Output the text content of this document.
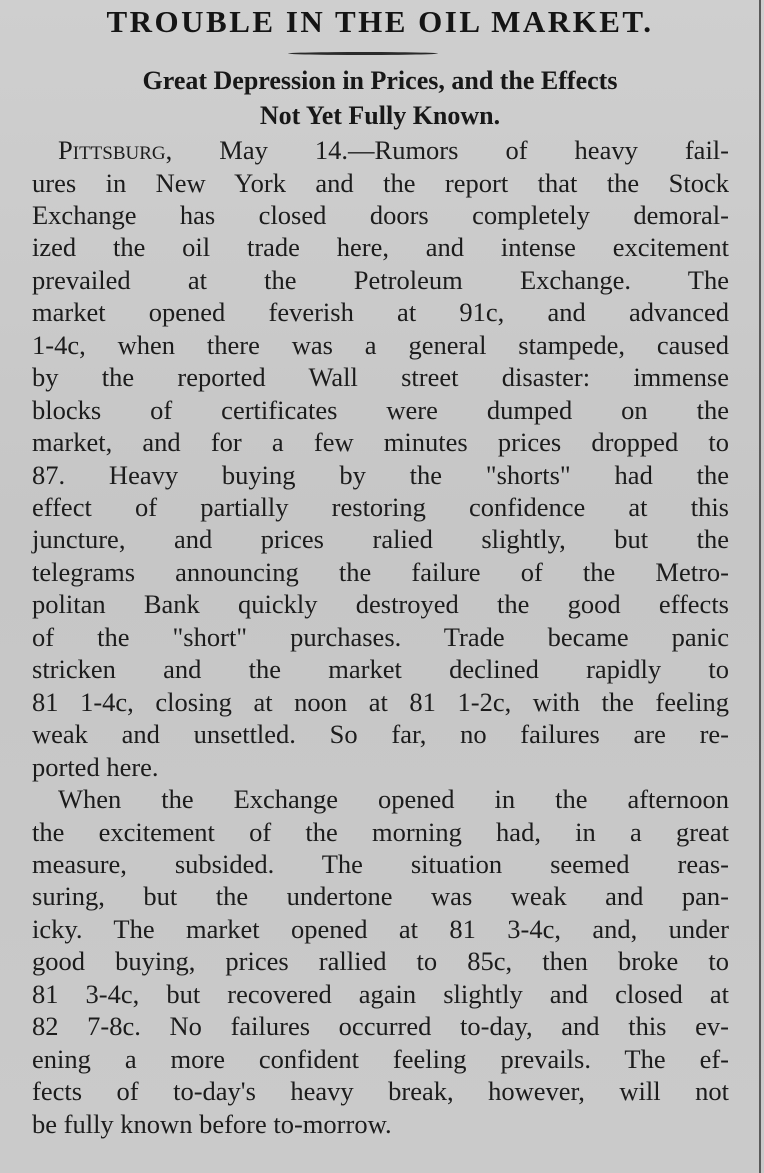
TROUBLE IN THE OIL MARKET.
Great Depression in Prices, and the Effects
Not Yet Fully Known.
Pittsburg, May 14.—Rumors of heavy fail-
ures in New York and the report that the Stock
Exchange has closed doors completely demoral-
ized the oil trade here, and intense excitement
prevailed at the Petroleum Exchange. The
market opened feverish at 91c, and advanced
1-4c, when there was a general stampede, caused
by the reported Wall street disaster: immense
blocks of certificates were dumped on the
market, and for a few minutes prices dropped to
87. Heavy buying by the "shorts" had the
effect of partially restoring confidence at this
juncture, and prices ralied slightly, but the
telegrams announcing the failure of the Metro-
politan Bank quickly destroyed the good effects
of the "short" purchases. Trade became panic
stricken and the market declined rapidly to
81 1-4c, closing at noon at 81 1-2c, with the feeling
weak and unsettled. So far, no failures are re-
ported here.
When the Exchange opened in the afternoon
the excitement of the morning had, in a great
measure, subsided. The situation seemed reas-
suring, but the undertone was weak and pan-
icky. The market opened at 81 3-4c, and, under
good buying, prices rallied to 85c, then broke to
81 3-4c, but recovered again slightly and closed at
82 7-8c. No failures occurred to-day, and this ev-
ening a more confident feeling prevails. The ef-
fects of to-day's heavy break, however, will not
be fully known before to-morrow.
